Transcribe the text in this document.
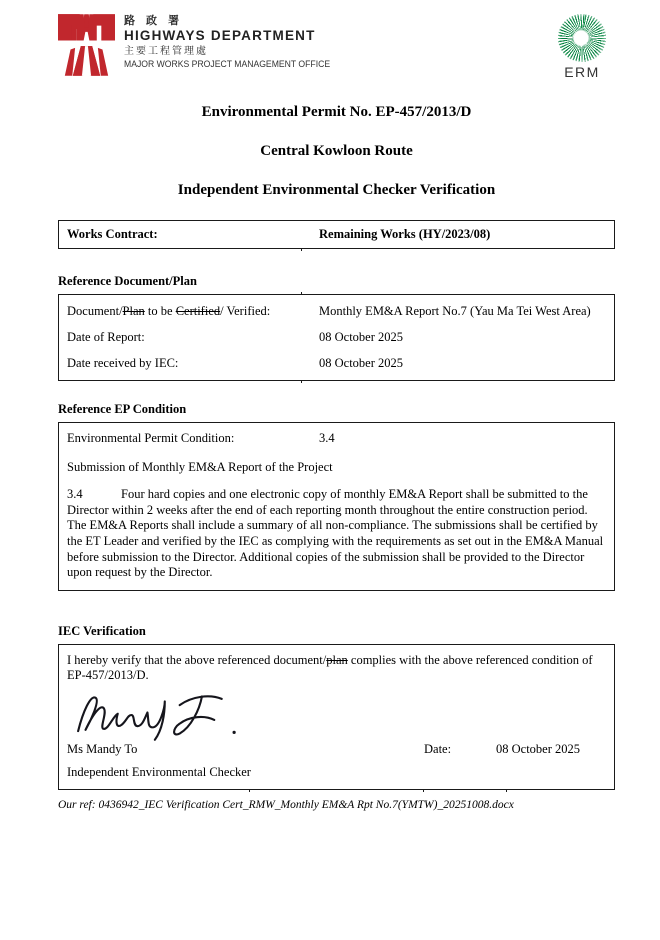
路 政 署
HIGHWAYS DEPARTMENT
主要工程管理處
MAJOR WORKS PROJECT MANAGEMENT OFFICE	ERM

Environmental Permit No. EP-457/2013/D

Central Kowloon Route

Independent Environmental Checker Verification

Works Contract:	Remaining Works (HY/2023/08)
Reference Document/Plan
Document/Plan to be Certified/ Verified:	Monthly EM&A Report No.7 (Yau Ma Tei West Area)
Date of Report:	08 October 2025
Date received by IEC:	08 October 2025
Reference EP Condition
Environmental Permit Condition:	3.4
Submission of Monthly EM&A Report of the Project
3.4	Four hard copies and one electronic copy of monthly EM&A Report shall be submitted to the Director within 2 weeks after the end of each reporting month throughout the entire construction period. The EM&A Reports shall include a summary of all non-compliance. The submissions shall be certified by the ET Leader and verified by the IEC as complying with the requirements as set out in the EM&A Manual before submission to the Director. Additional copies of the submission shall be provided to the Director upon request by the Director.
IEC Verification
I hereby verify that the above referenced document/plan complies with the above referenced condition of EP-457/2013/D.
Ms Mandy To	Date:	08 October 2025
Independent Environmental Checker
Our ref: 0436942_IEC Verification Cert_RMW_Monthly EM&A Rpt No.7(YMTW)_20251008.docx
